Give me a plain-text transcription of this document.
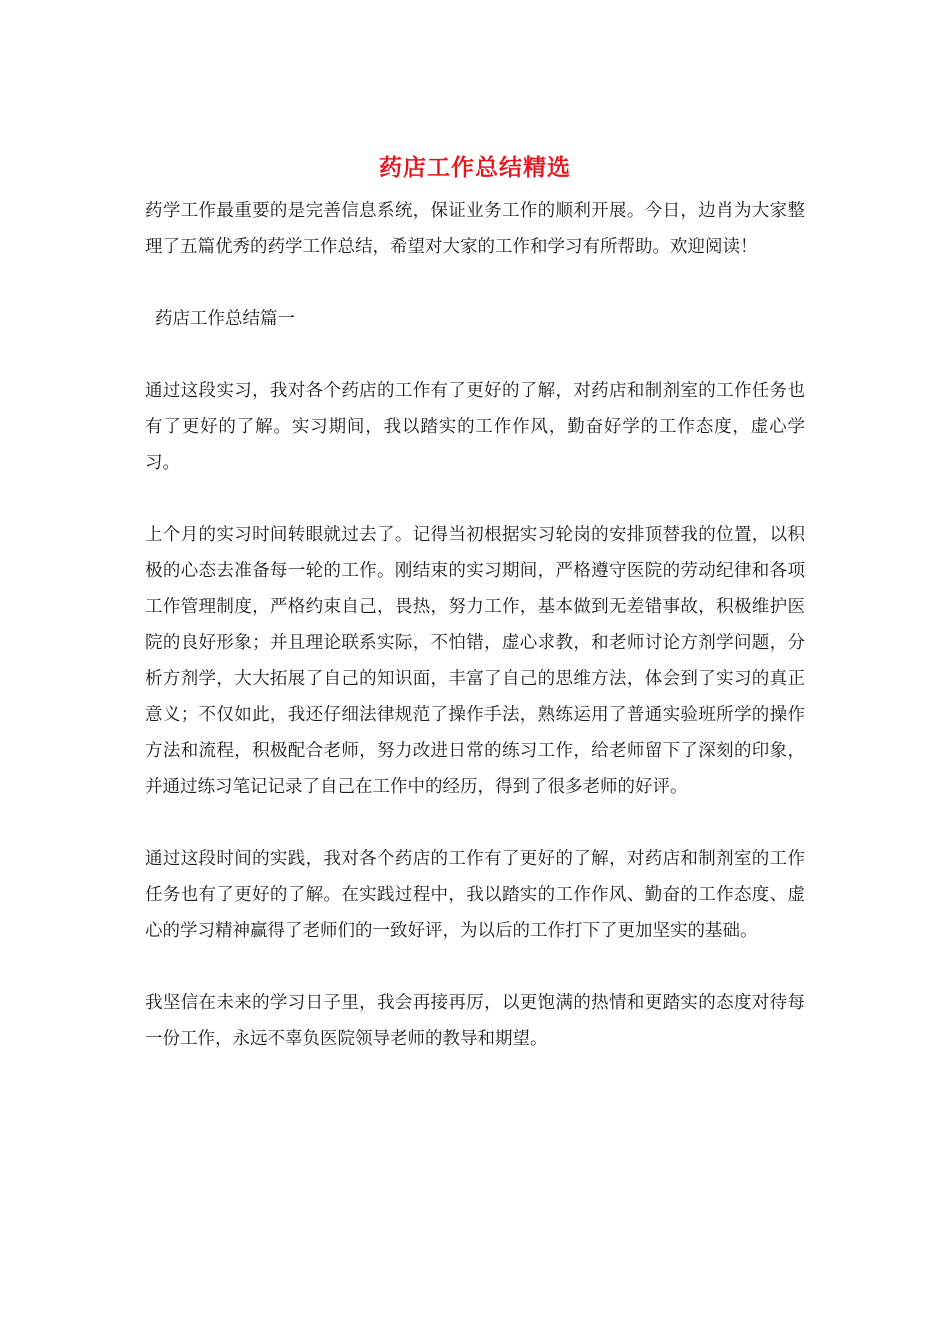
药店工作总结精选

药学工作最重要的是完善信息系统，保证业务工作的顺利开展。今日，边肖为大家整理了五篇优秀的药学工作总结，希望对大家的工作和学习有所帮助。欢迎阅读！

药店工作总结篇一

通过这段实习，我对各个药店的工作有了更好的了解，对药店和制剂室的工作任务也有了更好的了解。实习期间，我以踏实的工作作风，勤奋好学的工作态度，虚心学习。

上个月的实习时间转眼就过去了。记得当初根据实习轮岗的安排顶替我的位置，以积极的心态去准备每一轮的工作。刚结束的实习期间，严格遵守医院的劳动纪律和各项工作管理制度，严格约束自己，畏热，努力工作，基本做到无差错事故，积极维护医院的良好形象；并且理论联系实际，不怕错，虚心求教，和老师讨论方剂学问题，分析方剂学，大大拓展了自己的知识面，丰富了自己的思维方法，体会到了实习的真正意义；不仅如此，我还仔细法律规范了操作手法，熟练运用了普通实验班所学的操作方法和流程，积极配合老师，努力改进日常的练习工作，给老师留下了深刻的印象，并通过练习笔记记录了自己在工作中的经历，得到了很多老师的好评。

通过这段时间的实践，我对各个药店的工作有了更好的了解，对药店和制剂室的工作任务也有了更好的了解。在实践过程中，我以踏实的工作作风、勤奋的工作态度、虚心的学习精神赢得了老师们的一致好评，为以后的工作打下了更加坚实的基础。

我坚信在未来的学习日子里，我会再接再厉，以更饱满的热情和更踏实的态度对待每一份工作，永远不辜负医院领导老师的教导和期望。
